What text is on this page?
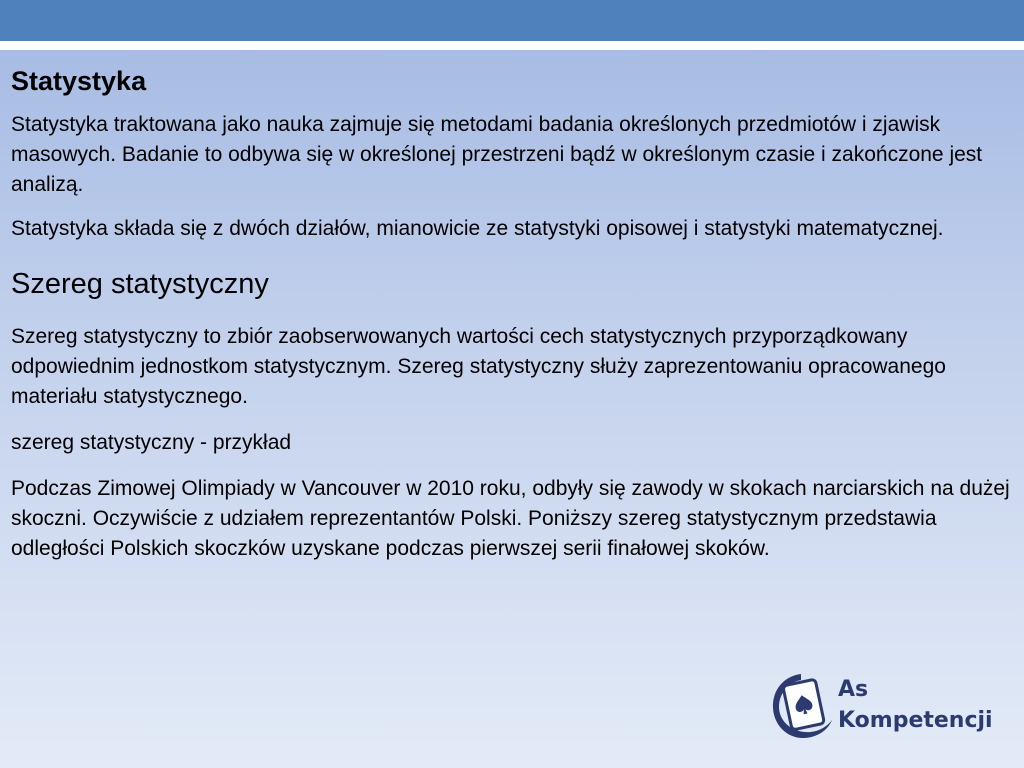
Statystyka
Statystyka traktowana jako nauka zajmuje się metodami badania określonych przedmiotów i zjawisk masowych. Badanie to odbywa się w określonej przestrzeni bądź w określonym czasie i zakończone jest analizą.
Statystyka składa się z dwóch działów, mianowicie ze statystyki opisowej i statystyki matematycznej.
Szereg statystyczny
Szereg statystyczny to zbiór zaobserwowanych wartości cech statystycznych przyporządkowany odpowiednim jednostkom statystycznym. Szereg statystyczny służy zaprezentowaniu opracowanego materiału statystycznego.
szereg statystyczny - przykład
Podczas Zimowej Olimpiady w Vancouver w 2010 roku, odbyły się zawody w skokach narciarskich na dużej skoczni. Oczywiście z udziałem reprezentantów Polski. Poniższy szereg statystycznym przedstawia odległości Polskich skoczków uzyskane podczas pierwszej serii finałowej skoków.
As
Kompetencji
